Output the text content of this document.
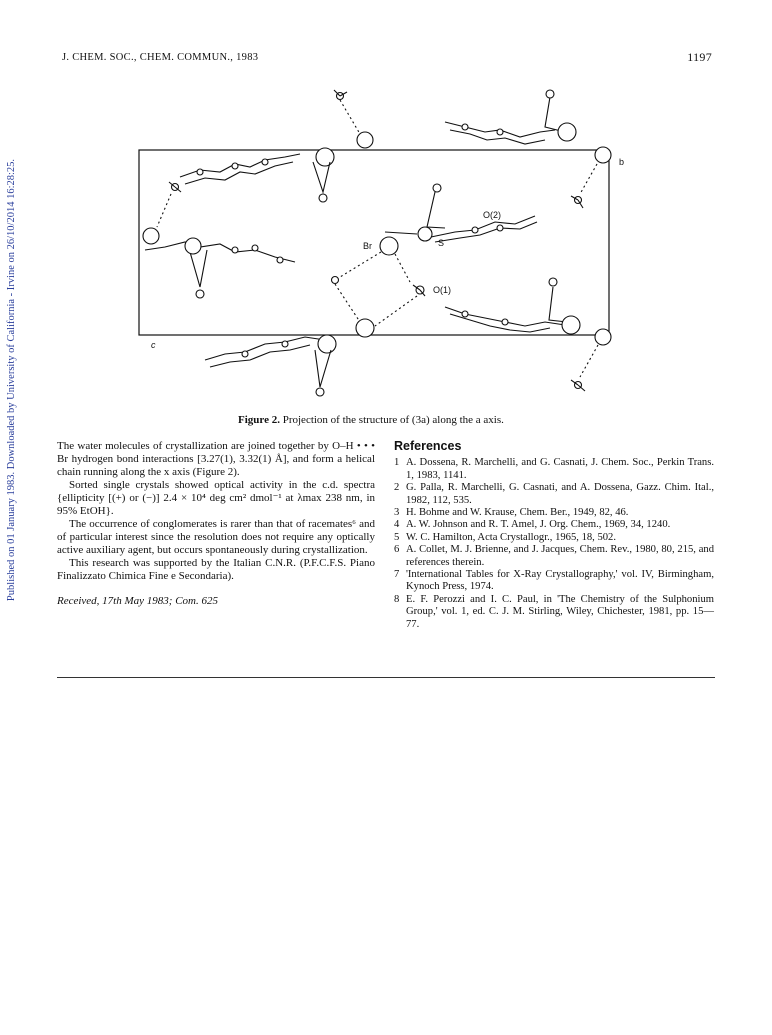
Published on 01 January 1983. Downloaded by University of California - Irvine on 26/10/2014 16:28:25.
J. CHEM. SOC., CHEM. COMMUN., 1983	1197
b
c
Br	S
O(1)
O(2)
Figure 2. Projection of the structure of (3a) along the a axis.

The water molecules of crystallization are joined together by O–H • • • Br hydrogen bond interactions [3.27(1), 3.32(1) Å], and form a helical chain running along the x axis (Figure 2).

Sorted single crystals showed optical activity in the c.d. spectra {ellipticity [(+) or (−)] 2.4 × 10⁴ deg cm² dmol⁻¹ at λmax 238 nm, in 95% EtOH}.

The occurrence of conglomerates is rarer than that of racemates⁶ and of particular interest since the resolution does not require any optically active auxiliary agent, but occurs spontaneously during crystallization.

This research was supported by the Italian C.N.R. (P.F.C.F.S. Piano Finalizzato Chimica Fine e Secondaria).

Received, 17th May 1983; Com. 625

References
1 A. Dossena, R. Marchelli, and G. Casnati, J. Chem. Soc., Perkin Trans. 1, 1983, 1141.
2 G. Palla, R. Marchelli, G. Casnati, and A. Dossena, Gazz. Chim. Ital., 1982, 112, 535.
3 H. Bohme and W. Krause, Chem. Ber., 1949, 82, 46.
4 A. W. Johnson and R. T. Amel, J. Org. Chem., 1969, 34, 1240.
5 W. C. Hamilton, Acta Crystallogr., 1965, 18, 502.
6 A. Collet, M. J. Brienne, and J. Jacques, Chem. Rev., 1980, 80, 215, and references therein.
7 'International Tables for X-Ray Crystallography,' vol. IV, Birmingham, Kynoch Press, 1974.
8 E. F. Perozzi and I. C. Paul, in 'The Chemistry of the Sulphonium Group,' vol. 1, ed. C. J. M. Stirling, Wiley, Chichester, 1981, pp. 15—77.
